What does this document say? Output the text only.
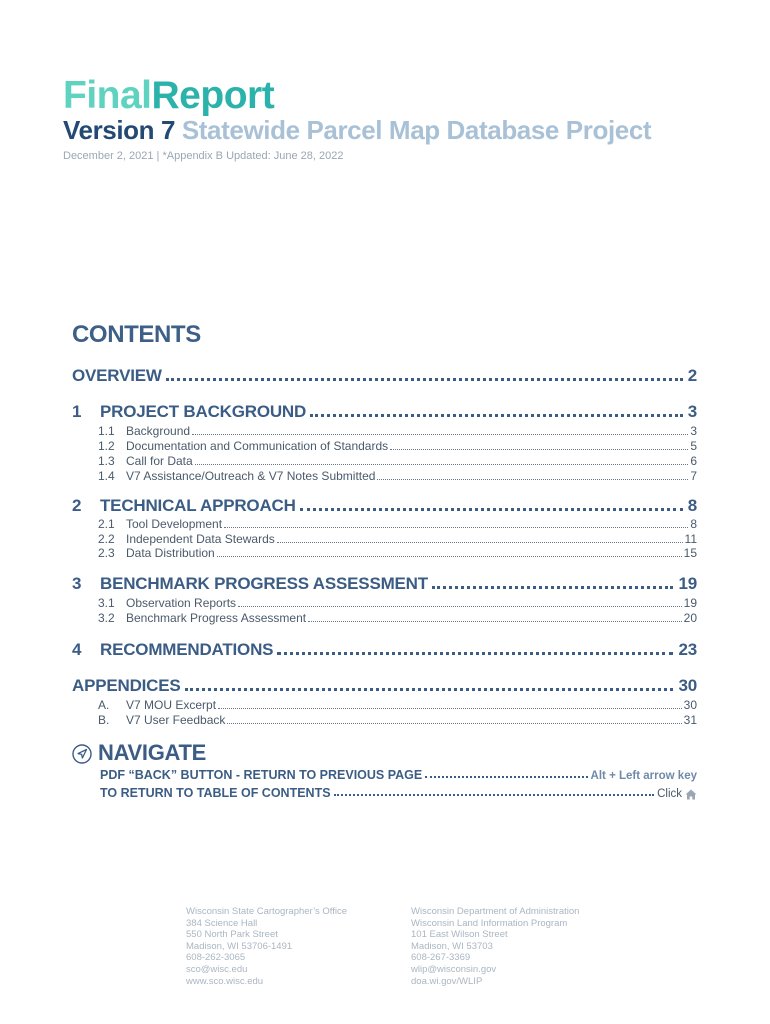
FinalReport
Version 7 Statewide Parcel Map Database Project
December 2, 2021 | *Appendix B Updated: June 28, 2022
CONTENTS
OVERVIEW	2
1	PROJECT BACKGROUND	3
1.1 Background	3
1.2 Documentation and Communication of Standards	5
1.3 Call for Data	6
1.4 V7 Assistance/Outreach & V7 Notes Submitted	7
2	TECHNICAL APPROACH	8
2.1 Tool Development	8
2.2 Independent Data Stewards	11
2.3 Data Distribution	15
3	BENCHMARK PROGRESS ASSESSMENT	19
3.1 Observation Reports	19
3.2 Benchmark Progress Assessment	20
4	RECOMMENDATIONS	23
APPENDICES	30
A.	V7 MOU Excerpt	30
B.	V7 User Feedback	31
NAVIGATE
PDF “BACK” BUTTON - RETURN TO PREVIOUS PAGE	Alt + Left arrow key
TO RETURN TO TABLE OF CONTENTS	Click
Wisconsin State Cartographer’s Office
384 Science Hall
550 North Park Street
Madison, WI 53706-1491
608-262-3065
sco@wisc.edu
www.sco.wisc.edu
Wisconsin Department of Administration
Wisconsin Land Information Program
101 East Wilson Street
Madison, WI 53703
608-267-3369
wlip@wisconsin.gov
doa.wi.gov/WLIP
